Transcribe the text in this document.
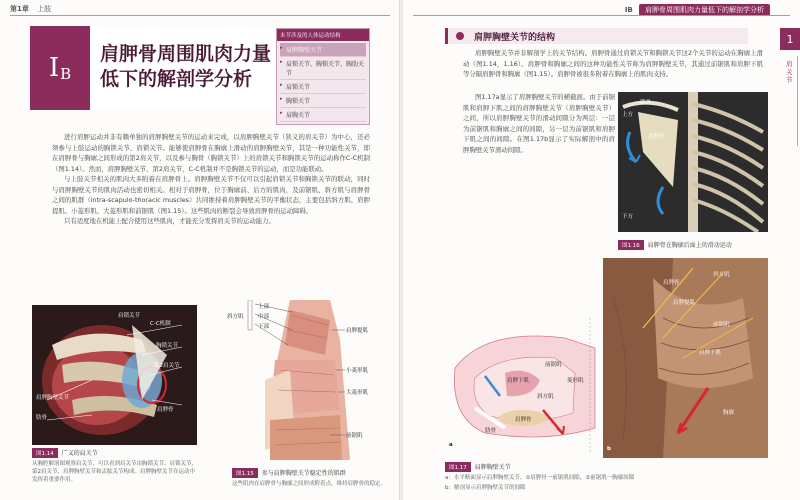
第1章 上肢
I B
肩胛骨周围肌肉力量
低下的解剖学分析
本节涉及的人体运动结构
▸ 肩胛胸壁关节
▸ 肩锁关节、胸锁关节、胸肋关节
▸ 肩锁关节
▸ 胸锁关节
▸ 肩胸关节

进行肩胛运动并非有赖单独的肩胛胸壁关节的运动来完成，以肩胛胸壁关节（狭义的肩关节）为中心，还必须参与上肢运动的胸锁关节、肩锁关节。能够使肩胛骨在胸廓上滑动的肩胛胸壁关节，其是一种功能性关节，即在肩胛骨与胸廓之间形成的第2肩关节，以及参与胸骨（胸锁关节）上的肩锁关节和胸锁关节的运动称作C-C机制（图1.14）。然而，肩胛胸壁关节、第2肩关节，C-C机制并不是胸锁关节的运动，而是功能联动。

与上肢关节相关的肌肉大多附着在肩胛骨上。肩胛胸壁关节不仅可以引起肩锁关节和胸锁关节的联动，同时与肩胛胸壁关节的肌肉活动也密切相关。相对于肩胛骨，位于胸廓前、后方的肌肉，及前锯肌、斜方肌与肩胛骨之间的肌群（intra-scapulo-thoracic muscles）共同维持着肩胛胸壁关节的平衡状态，主要包括斜方肌、肩胛提肌、小菱形肌、大菱形肌和前锯肌（图1.15）。这些肌肉的断裂会导致肩胛骨的运动障碍。

只有适度地在机能上配合使用这些肌肉，才能充分发挥肩关节的运动能力。

肩锁关节
C-C机制
胸锁关节
第2肩关节
肩胛胸壁关节
肩胛骨
肋骨
图1.14 广义的肩关节
从胸腔解剖图观察肩关节，可以看到肩关节由胸锁关节、肩锁关节、第2肩关节、肩胛胸壁关节和盂肱关节构成。肩胛胸壁关节在运动中发挥着重要作用。
上部
斜方肌	中部
下部
肩胛提肌
小菱形肌
大菱形肌
前锯肌
图1.15 参与肩胛胸壁关节稳定性的肌群
这些肌肉在肩胛骨与胸廓之间形成附着点，维持肩胛骨的稳定。
IB 肩胛骨周围肌肉力量低下的解剖学分析
1
肩关节
肩胛胸壁关节的结构

肩胛胸壁关节并非解剖学上的关节结构。肩胛骨通过肩锁关节和胸锁关节这2个关节的运动在胸廓上滑动（图1.14，1.16）。肩胛骨和胸廓之间的这种功能性关节称为肩胛胸壁关节，其通过前锯肌和肩胛下肌等分隔肩胛骨和胸廓（图1.15）。肩胛骨被很多附着在胸廓上的肌肉支持。

图1.17a显示了肩胛胸壁关节的横截面。由于前锯肌和肩胛下肌之间的肩胛胸壁关节（肩胛胸壁关节）之间，所以肩胛胸壁关节的滑动间隙分为两层：一层为前锯肌和胸廓之间的间隙，另一层为前锯肌和肩胛下肌之间的间隙。在图1.17b显示了实际解剖中的肩胛胸壁关节滑动间隙。

上方
锁骨
下方
肩胛骨
图1.16 肩胛骨在胸廓后面上的滑动运动
肩胛下肌
前锯肌
斜方肌
菱形肌
肋骨
肩胛骨
a
肩胛骨
肩胛提肌
斜方肌
前锯肌
肩胛下肌
胸廓
b
图1.17 肩胛胸壁关节
a：水平断面显示肩胛胸壁关节。①肩胛骨一前锯肌间隙，②前锯肌一胸廓间隙
b：解剖显示肩胛胸壁关节的间隙
